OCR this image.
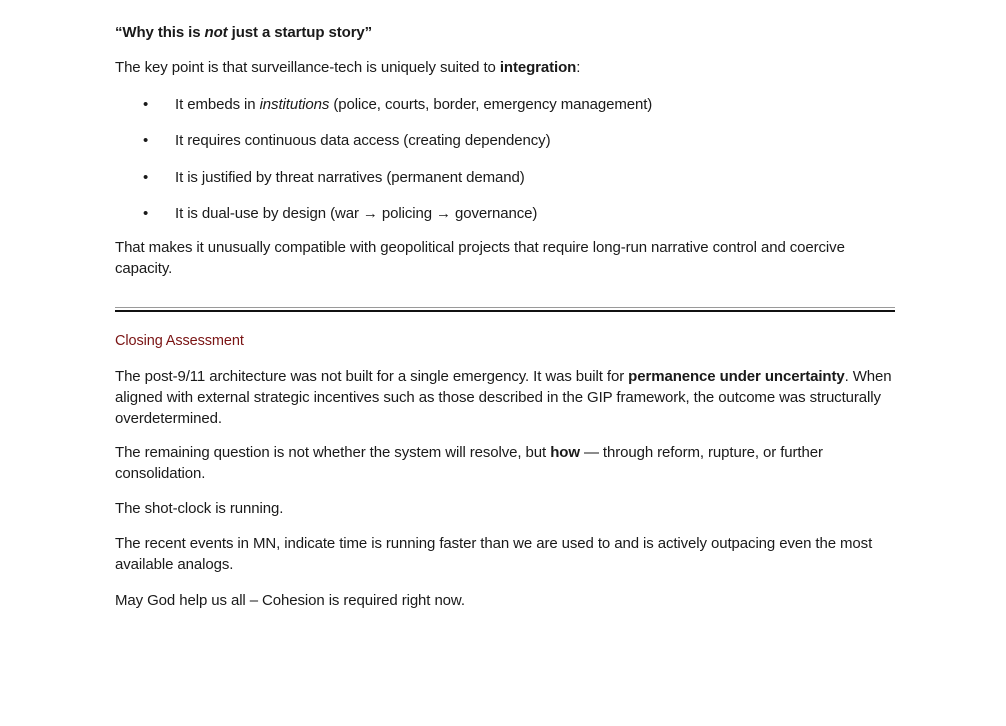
“Why this is not just a startup story”
The key point is that surveillance-tech is uniquely suited to integration:
• It embeds in institutions (police, courts, border, emergency management)
• It requires continuous data access (creating dependency)
• It is justified by threat narratives (permanent demand)
• It is dual-use by design (war → policing → governance)
That makes it unusually compatible with geopolitical projects that require long-run narrative control and coercive capacity.
Closing Assessment
The post-9/11 architecture was not built for a single emergency. It was built for permanence under uncertainty. When aligned with external strategic incentives such as those described in the GIP framework, the outcome was structurally overdetermined.
The remaining question is not whether the system will resolve, but how — through reform, rupture, or further consolidation.
The shot-clock is running.
The recent events in MN, indicate time is running faster than we are used to and is actively outpacing even the most available analogs.
May God help us all – Cohesion is required right now.
